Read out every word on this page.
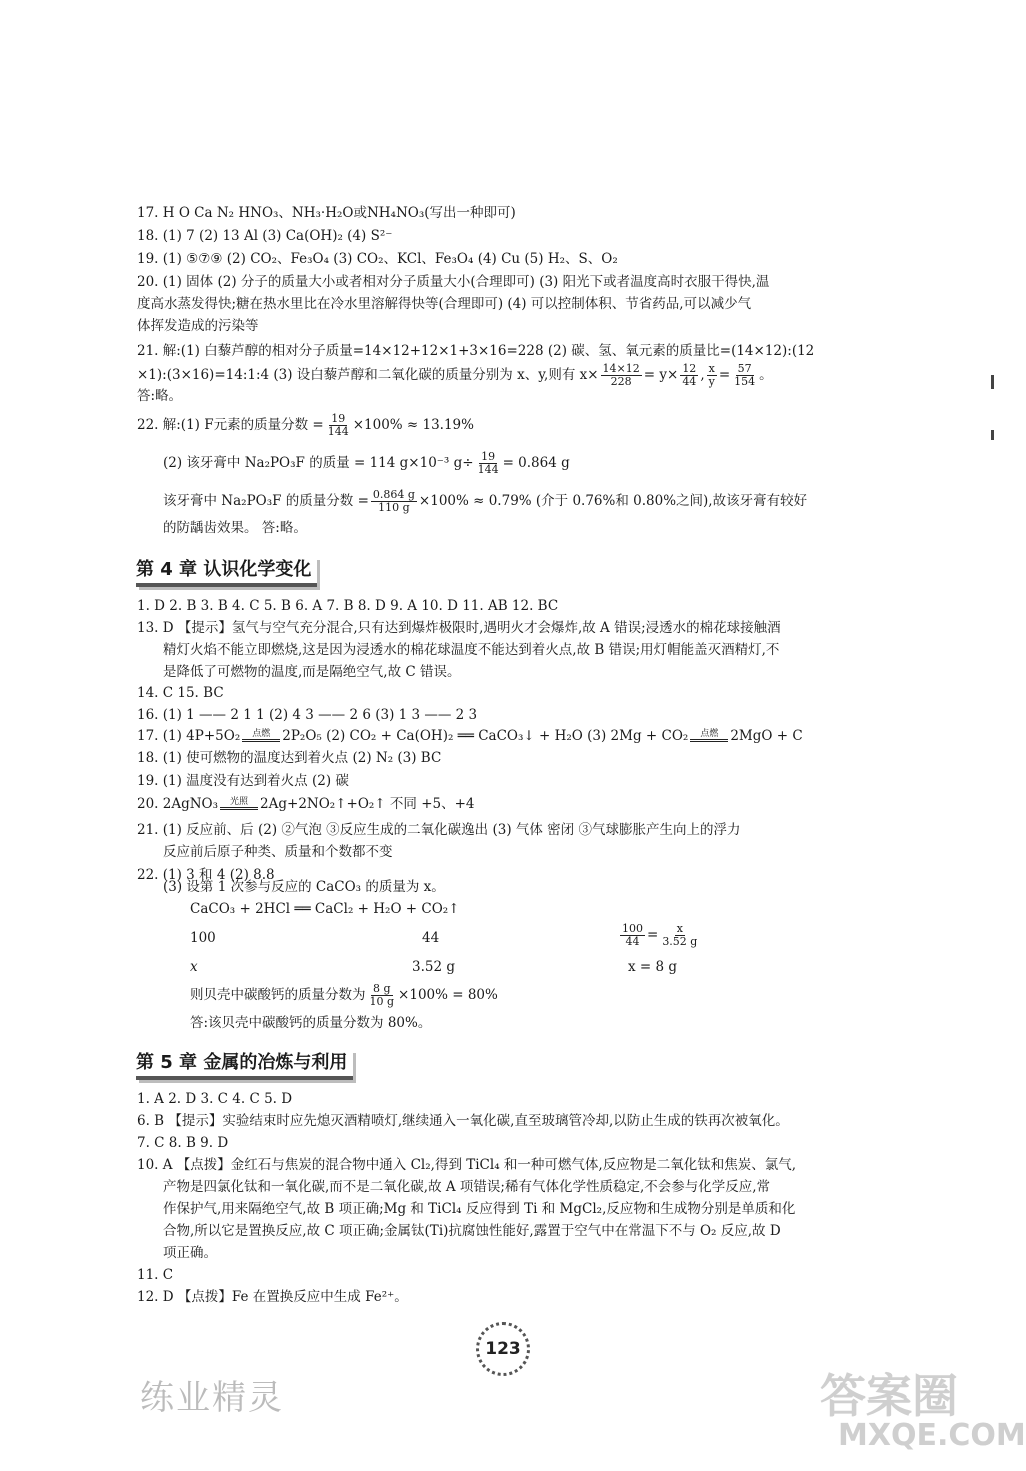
17. H O Ca N₂ HNO₃、NH₃·H₂O或NH₄NO₃(写出一种即可)
18. (1) 7 (2) 13 Al (3) Ca(OH)₂ (4) S²⁻
19. (1) ⑤⑦⑨ (2) CO₂、Fe₃O₄ (3) CO₂、KCl、Fe₃O₄ (4) Cu (5) H₂、S、O₂
20. (1) 固体 (2) 分子的质量大小或者相对分子质量大小(合理即可) (3) 阳光下或者温度高时衣服干得快,温
度高水蒸发得快;糖在热水里比在冷水里溶解得快等(合理即可) (4) 可以控制体积、节省药品,可以减少气
体挥发造成的污染等
21. 解:(1) 白藜芦醇的相对分子质量=14×12+12×1+3×16=228 (2) 碳、氢、氧元素的质量比=(14×12):(12
×1):(3×16)=14:1:4 (3) 设白藜芦醇和二氧化碳的质量分别为 x、y,则有 $x\times \frac{14\times 12}{228} = y\times \frac{12}{44}$ , $\frac{x}{y} = \frac{57}{154}$ 。
答:略。
22. 解:(1) F元素的质量分数 = $\frac{19}{144} \times 100\% \approx 13.19\%$
(2) 该牙膏中 Na₂PO₃F 的质量 = 114 g×10⁻³ $g\div \frac{19}{144} = 0.864$ g
该牙膏中 Na₂PO₃F 的质量分数 = $\frac{0.864 g}{110 g} \times 100\% \approx 0.79\%$ (介于 0.76%和 0.80%之间),故该牙膏有较好
的防龋齿效果。 答:略。
第 4 章 认识化学变化
1. D 2. B 3. B 4. C 5. B 6. A 7. B 8. D 9. A 10. D 11. AB 12. BC
13. D 【提示】氢气与空气充分混合,只有达到爆炸极限时,遇明火才会爆炸,故 A 错误;浸透水的棉花球接触酒
精灯火焰不能立即燃烧,这是因为浸透水的棉花球温度不能达到着火点,故 B 错误;用灯帽能盖灭酒精灯,不
是降低了可燃物的温度,而是隔绝空气,故 C 错误。
14. C 15. BC
16. (1) 1 —— 2 1 1 (2) 4 3 —— 2 6 (3) 1 3 —— 2 3
17. (1) 4P+5O₂ 点燃 2P₂O₅ (2) CO₂ + Ca(OH)₂ ══ CaCO₃↓ + H₂O (3) 2Mg + CO₂ 点燃 2MgO + C
18. (1) 使可燃物的温度达到着火点 (2) N₂ (3) BC
19. (1) 温度没有达到着火点 (2) 碳
20. 2AgNO₃ 光照 2Ag+2NO₂↑+O₂↑ 不同 +5、+4
21. (1) 反应前、后 (2) ②气泡 ③反应生成的二氧化碳逸出 (3) 气体 密闭 ③气球膨胀产生向上的浮力
反应前后原子种类、质量和个数都不变
22. (1) 3 和 4 (2) 8.8
(3) 设第 1 次参与反应的 CaCO₃ 的质量为 x。
CaCO₃ + 2HCl ══ CaCl₂ + H₂O + CO₂↑
100	44	$\frac{100}{44} = \frac{x}{3.52 g}$
x	3.52 g	x = 8 g
则贝壳中碳酸钙的质量分数为 $\frac{8 g}{10 g} \times 100\% = 80\%$
答:该贝壳中碳酸钙的质量分数为 80%。
第 5 章 金属的冶炼与利用
1. A 2. D 3. C 4. C 5. D
6. B 【提示】实验结束时应先熄灭酒精喷灯,继续通入一氧化碳,直至玻璃管冷却,以防止生成的铁再次被氧化。
7. C 8. B 9. D
10. A 【点拨】金红石与焦炭的混合物中通入 Cl₂,得到 TiCl₄ 和一种可燃气体,反应物是二氧化钛和焦炭、氯气,
产物是四氯化钛和一氧化碳,而不是二氧化碳,故 A 项错误;稀有气体化学性质稳定,不会参与化学反应,常
作保护气,用来隔绝空气,故 B 项正确;Mg 和 TiCl₄ 反应得到 Ti 和 MgCl₂,反应物和生成物分别是单质和化
合物,所以它是置换反应,故 C 项正确;金属钛(Ti)抗腐蚀性能好,露置于空气中在常温下不与 O₂ 反应,故 D
项正确。
11. C
12. D 【点拨】Fe 在置换反应中生成 Fe²⁺。
123
练业精灵	答案圈
MXQE.COM
